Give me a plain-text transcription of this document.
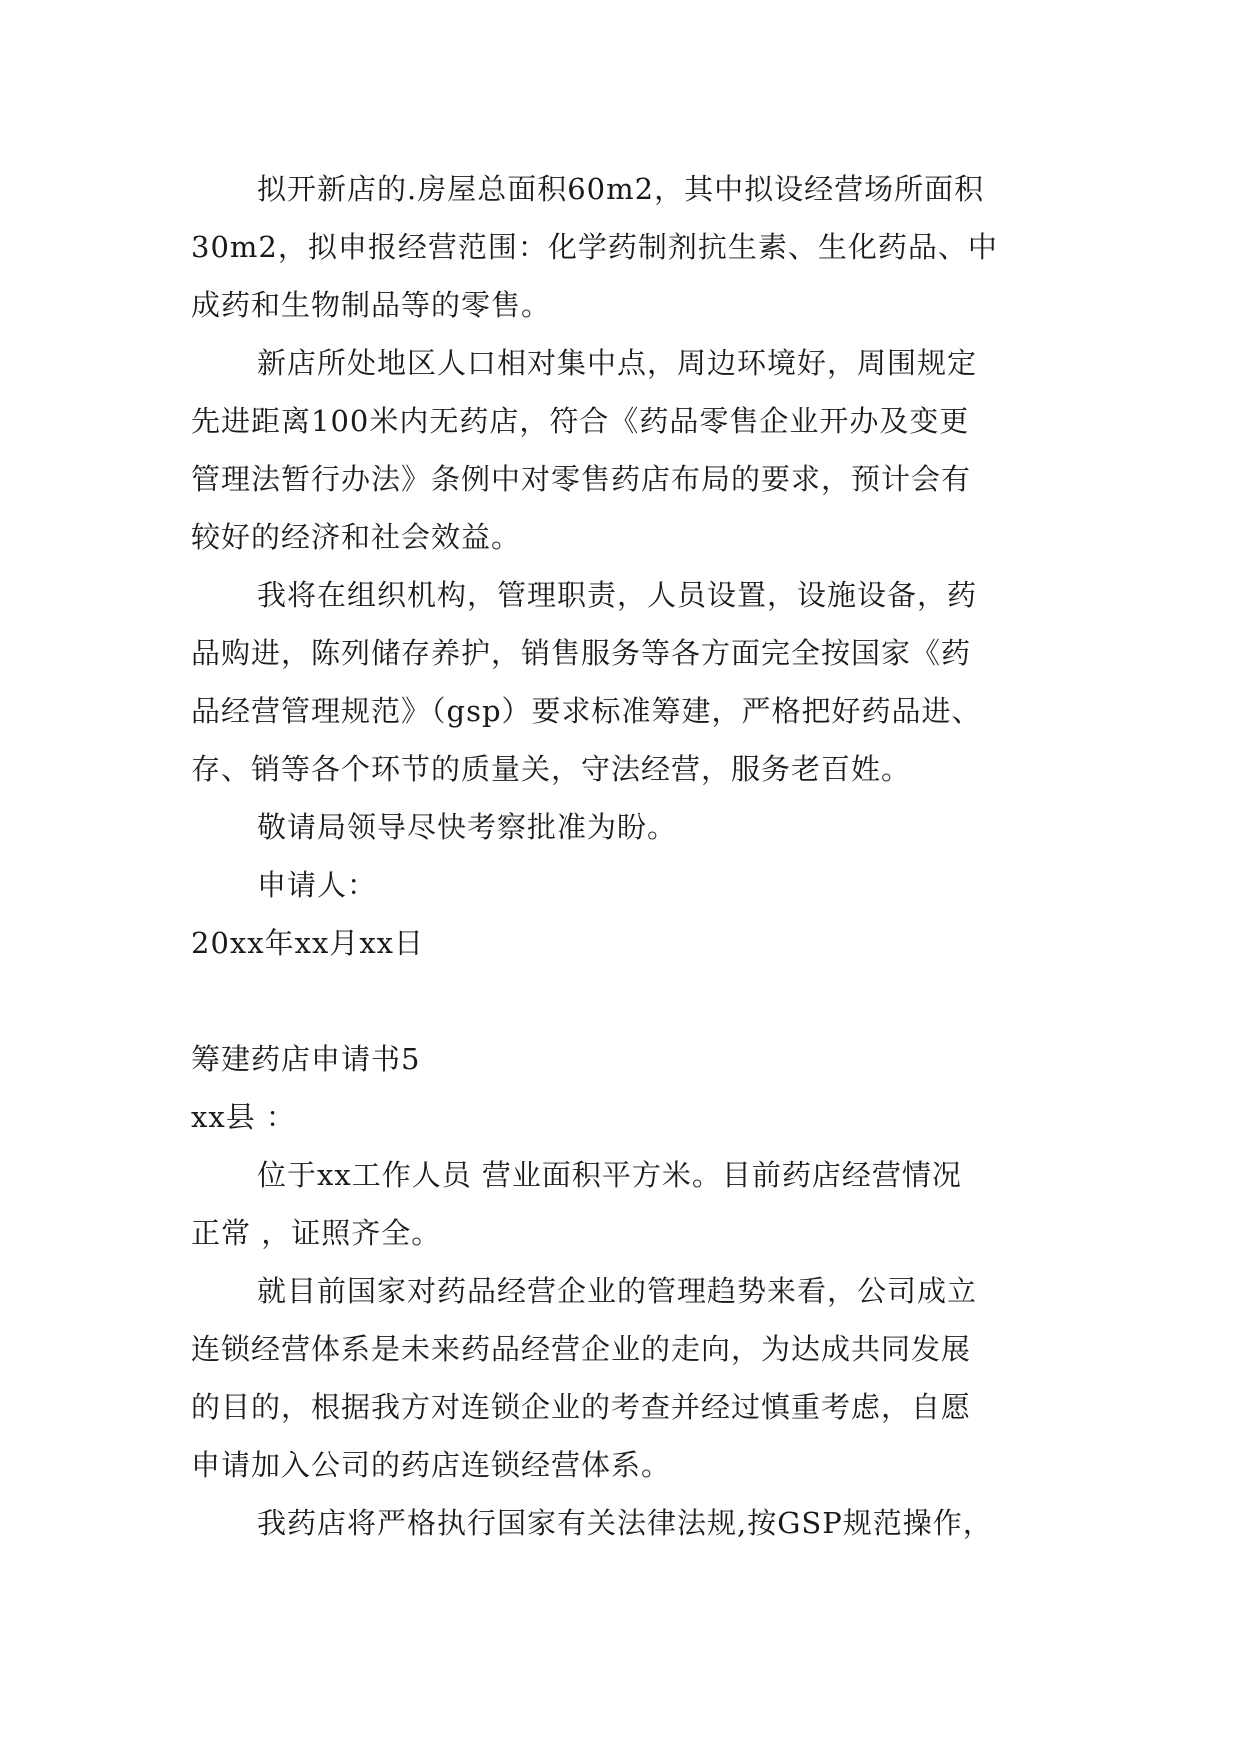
拟开新店的.房屋总面积60m2，其中拟设经营场所面积
30m2，拟申报经营范围：化学药制剂抗生素、生化药品、中
成药和生物制品等的零售。
新店所处地区人口相对集中点，周边环境好，周围规定
先进距离100米内无药店，符合《药品零售企业开办及变更
管理法暂行办法》条例中对零售药店布局的要求，预计会有
较好的经济和社会效益。
我将在组织机构，管理职责，人员设置，设施设备，药
品购进，陈列储存养护，销售服务等各方面完全按国家《药
品经营管理规范》（gsp）要求标准筹建，严格把好药品进、
存、销等各个环节的质量关，守法经营，服务老百姓。
敬请局领导尽快考察批准为盼。
申请人：
20xx年xx月xx日
筹建药店申请书5
xx县 ：
位于xx工作人员 营业面积平方米。目前药店经营情况
正常 ，证照齐全。
就目前国家对药品经营企业的管理趋势来看，公司成立
连锁经营体系是未来药品经营企业的走向，为达成共同发展
的目的，根据我方对连锁企业的考查并经过慎重考虑，自愿
申请加入公司的药店连锁经营体系。
我药店将严格执行国家有关法律法规,按GSP规范操作，
